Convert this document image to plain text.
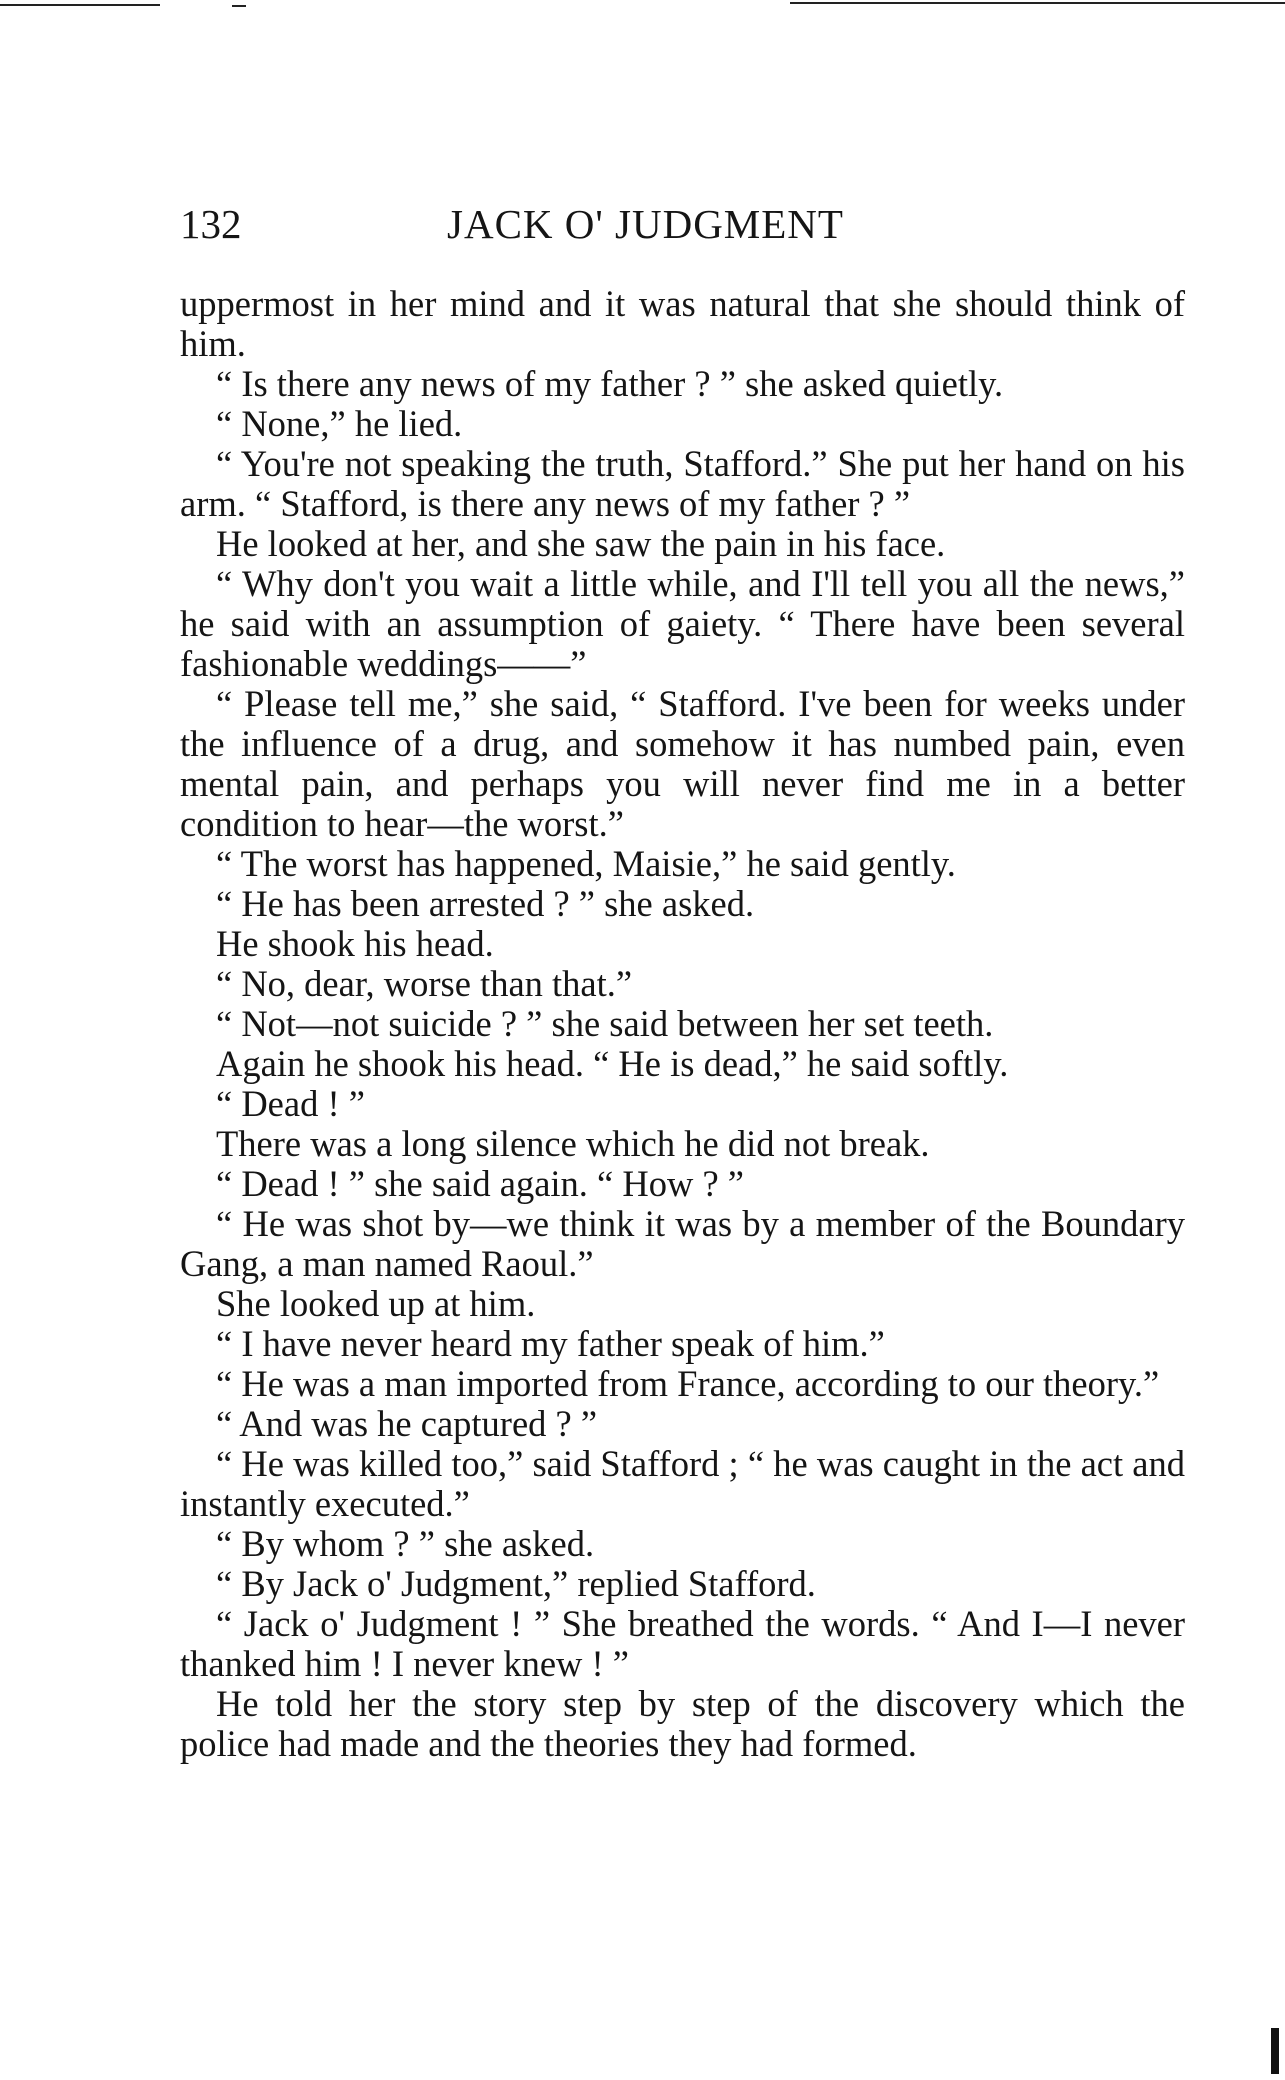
132	JACK O' JUDGMENT

uppermost in her mind and it was natural that she should think of him.

“ Is there any news of my father ? ” she asked quietly.

“ None,” he lied.

“ You're not speaking the truth, Stafford.” She put her hand on his arm. “ Stafford, is there any news of my father ? ”

He looked at her, and she saw the pain in his face.

“ Why don't you wait a little while, and I'll tell you all the news,” he said with an assumption of gaiety. “ There have been several fashionable weddings——”

“ Please tell me,” she said, “ Stafford. I've been for weeks under the influence of a drug, and somehow it has numbed pain, even mental pain, and perhaps you will never find me in a better condition to hear—the worst.”

“ The worst has happened, Maisie,” he said gently.

“ He has been arrested ? ” she asked.

He shook his head.

“ No, dear, worse than that.”

“ Not—not suicide ? ” she said between her set teeth.

Again he shook his head. “ He is dead,” he said softly.

“ Dead ! ”

There was a long silence which he did not break.

“ Dead ! ” she said again. “ How ? ”

“ He was shot by—we think it was by a member of the Boundary Gang, a man named Raoul.”

She looked up at him.

“ I have never heard my father speak of him.”

“ He was a man imported from France, according to our theory.”

“ And was he captured ? ”

“ He was killed too,” said Stafford ; “ he was caught in the act and instantly executed.”

“ By whom ? ” she asked.

“ By Jack o' Judgment,” replied Stafford.

“ Jack o' Judgment ! ” She breathed the words. “ And I—I never thanked him ! I never knew ! ”

He told her the story step by step of the discovery which the police had made and the theories they had formed.
